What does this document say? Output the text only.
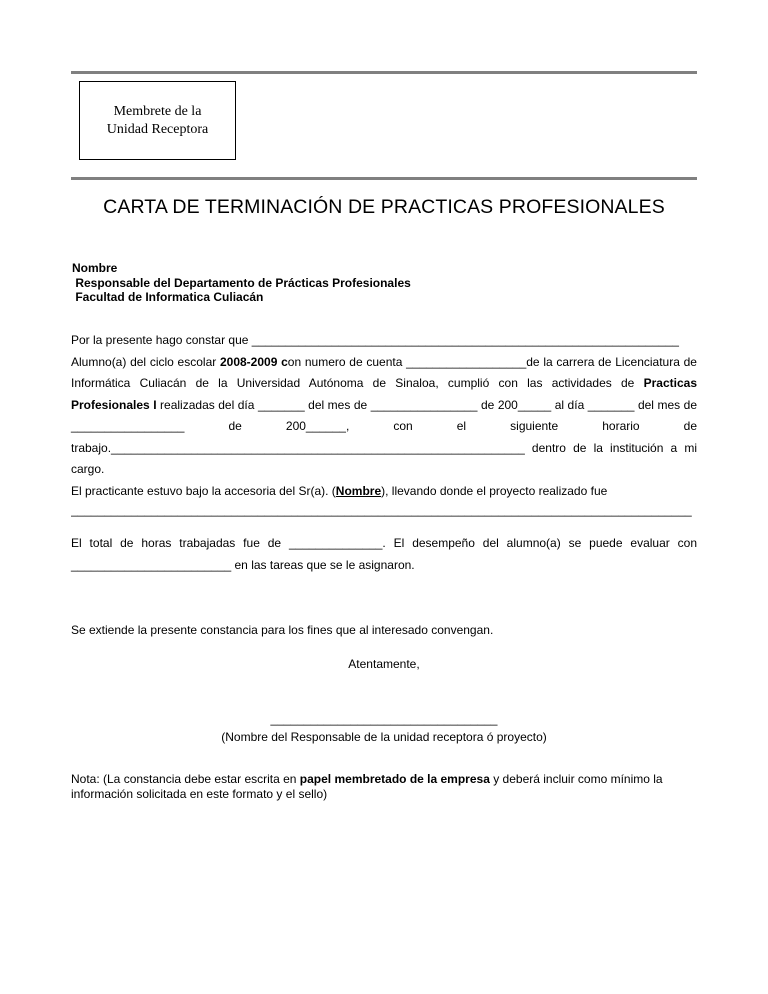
Membrete de la
Unidad Receptora
CARTA DE TERMINACIÓN DE PRACTICAS PROFESIONALES
Nombre
Responsable del Departamento de Prácticas Profesionales
Facultad de Informatica Culiacán

Por la presente hago constar que ________________________________________________________________

Alumno(a) del ciclo escolar 2008-2009 con numero de cuenta __________________de la carrera de Licenciatura de Informática Culiacán de la Universidad Autónoma de Sinaloa, cumplió con las actividades de Practicas Profesionales I realizadas del día _______ del mes de ________________ de 200_____ al día _______ del mes de _________________ de 200______, con el siguiente horario de trabajo.______________________________________________________________ dentro de la institución a mi cargo.

El practicante estuvo bajo la accesoria del Sr(a). (Nombre), llevando donde el proyecto realizado fue

_____________________________________________________________________________________________

El total de horas trabajadas fue de ______________. El desempeño del alumno(a) se puede evaluar con ________________________ en las tareas que se le asignaron.

Se extiende la presente constancia para los fines que al interesado convengan.
Atentamente,
__________________________________
(Nombre del Responsable de la unidad receptora ó proyecto)
Nota: (La constancia debe estar escrita en papel membretado de la empresa y deberá incluir como mínimo la información solicitada en este formato y el sello)
